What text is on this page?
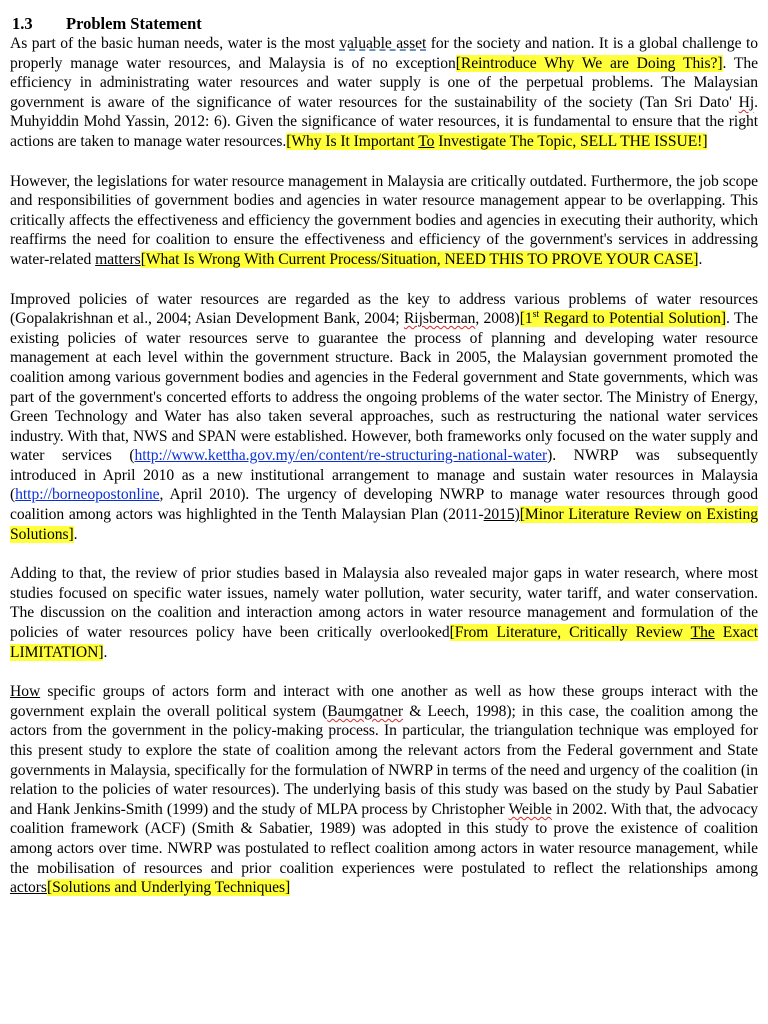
1.3 Problem Statement

As part of the basic human needs, water is the most valuable asset for the society and nation. It is a global challenge to properly manage water resources, and Malaysia is of no exception[Reintroduce Why We are Doing This?]. The efficiency in administrating water resources and water supply is one of the perpetual problems. The Malaysian government is aware of the significance of water resources for the sustainability of the society (Tan Sri Dato' Hj. Muhyiddin Mohd Yassin, 2012: 6). Given the significance of water resources, it is fundamental to ensure that the right actions are taken to manage water resources.[Why Is It Important To Investigate The Topic, SELL THE ISSUE!]

However, the legislations for water resource management in Malaysia are critically outdated. Furthermore, the job scope and responsibilities of government bodies and agencies in water resource management appear to be overlapping. This critically affects the effectiveness and efficiency the government bodies and agencies in executing their authority, which reaffirms the need for coalition to ensure the effectiveness and efficiency of the government's services in addressing water-related matters[What Is Wrong With Current Process/Situation, NEED THIS TO PROVE YOUR CASE].

Improved policies of water resources are regarded as the key to address various problems of water resources (Gopalakrishnan et al., 2004; Asian Development Bank, 2004; Rijsberman, 2008)[1st Regard to Potential Solution]. The existing policies of water resources serve to guarantee the process of planning and developing water resource management at each level within the government structure. Back in 2005, the Malaysian government promoted the coalition among various government bodies and agencies in the Federal government and State governments, which was part of the government's concerted efforts to address the ongoing problems of the water sector. The Ministry of Energy, Green Technology and Water has also taken several approaches, such as restructuring the national water services industry. With that, NWS and SPAN were established. However, both frameworks only focused on the water supply and water services (http://www.kettha.gov.my/en/content/re-structuring-national-water). NWRP was subsequently introduced in April 2010 as a new institutional arrangement to manage and sustain water resources in Malaysia (http://borneopostonline, April 2010). The urgency of developing NWRP to manage water resources through good coalition among actors was highlighted in the Tenth Malaysian Plan (2011-2015)[Minor Literature Review on Existing Solutions].

Adding to that, the review of prior studies based in Malaysia also revealed major gaps in water research, where most studies focused on specific water issues, namely water pollution, water security, water tariff, and water conservation. The discussion on the coalition and interaction among actors in water resource management and formulation of the policies of water resources policy have been critically overlooked[From Literature, Critically Review The Exact LIMITATION].

How specific groups of actors form and interact with one another as well as how these groups interact with the government explain the overall political system (Baumgatner & Leech, 1998); in this case, the coalition among the actors from the government in the policy-making process. In particular, the triangulation technique was employed for this present study to explore the state of coalition among the relevant actors from the Federal government and State governments in Malaysia, specifically for the formulation of NWRP in terms of the need and urgency of the coalition (in relation to the policies of water resources). The underlying basis of this study was based on the study by Paul Sabatier and Hank Jenkins-Smith (1999) and the study of MLPA process by Christopher Weible in 2002. With that, the advocacy coalition framework (ACF) (Smith & Sabatier, 1989) was adopted in this study to prove the existence of coalition among actors over time. NWRP was postulated to reflect coalition among actors in water resource management, while the mobilisation of resources and prior coalition experiences were postulated to reflect the relationships among actors[Solutions and Underlying Techniques]
